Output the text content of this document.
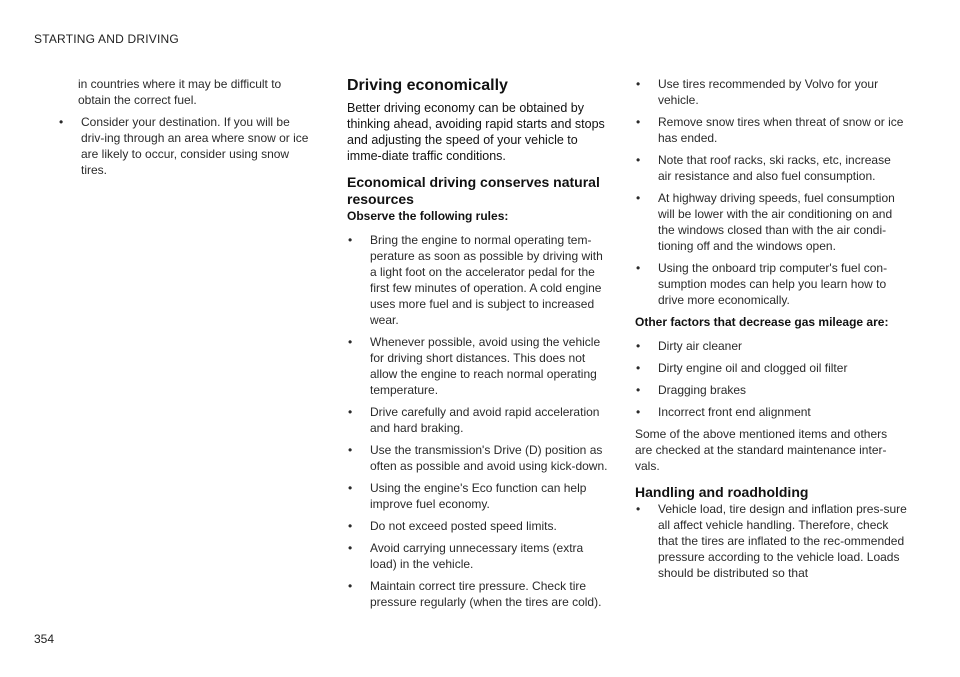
STARTING AND DRIVING

in countries where it may be difficult to obtain the correct fuel.

• Consider your destination. If you will be driv-ing through an area where snow or ice are likely to occur, consider using snow tires.
Driving economically

Better driving economy can be obtained by thinking ahead, avoiding rapid starts and stops and adjusting the speed of your vehicle to imme-diate traffic conditions.

Economical driving conserves natural resources
Observe the following rules:
• Bring the engine to normal operating tem-perature as soon as possible by driving with a light foot on the accelerator pedal for the first few minutes of operation. A cold engine uses more fuel and is subject to increased wear.
• Whenever possible, avoid using the vehicle for driving short distances. This does not allow the engine to reach normal operating temperature.
• Drive carefully and avoid rapid acceleration and hard braking.
• Use the transmission's Drive (D) position as often as possible and avoid using kick-down.
• Using the engine's Eco function can help improve fuel economy.
• Do not exceed posted speed limits.
• Avoid carrying unnecessary items (extra load) in the vehicle.
• Maintain correct tire pressure. Check tire pressure regularly (when the tires are cold).
• Use tires recommended by Volvo for your vehicle.
• Remove snow tires when threat of snow or ice has ended.
• Note that roof racks, ski racks, etc, increase air resistance and also fuel consumption.
• At highway driving speeds, fuel consumption will be lower with the air conditioning on and the windows closed than with the air condi-tioning off and the windows open.
• Using the onboard trip computer's fuel con-sumption modes can help you learn how to drive more economically.
Other factors that decrease gas mileage are:
• Dirty air cleaner
• Dirty engine oil and clogged oil filter
• Dragging brakes
• Incorrect front end alignment

Some of the above mentioned items and others are checked at the standard maintenance inter-vals.

Handling and roadholding
• Vehicle load, tire design and inflation pres-sure all affect vehicle handling. Therefore, check that the tires are inflated to the rec-ommended pressure according to the vehicle load. Loads should be distributed so that
354
